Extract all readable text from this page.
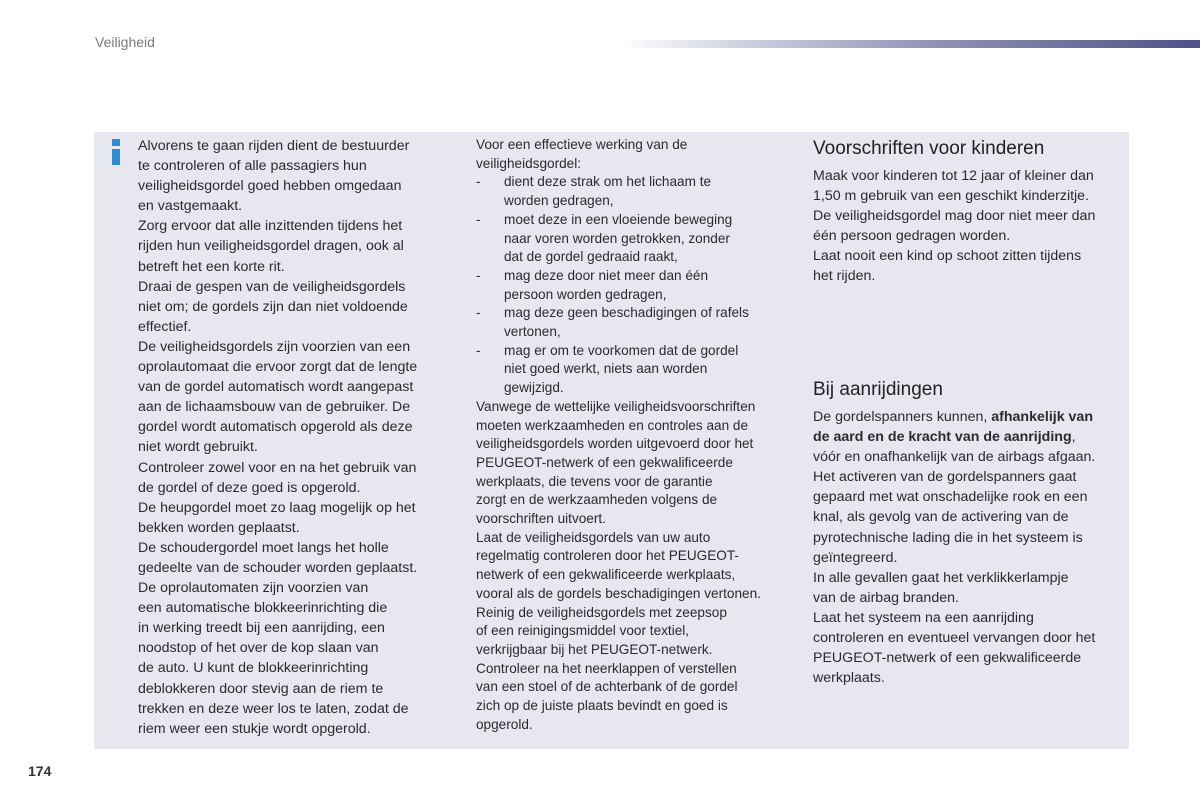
Veiligheid
Alvorens te gaan rijden dient de bestuurder
te controleren of alle passagiers hun
veiligheidsgordel goed hebben omgedaan
en vastgemaakt.
Zorg ervoor dat alle inzittenden tijdens het
rijden hun veiligheidsgordel dragen, ook al
betreft het een korte rit.
Draai de gespen van de veiligheidsgordels
niet om; de gordels zijn dan niet voldoende
effectief.
De veiligheidsgordels zijn voorzien van een
oprolautomaat die ervoor zorgt dat de lengte
van de gordel automatisch wordt aangepast
aan de lichaamsbouw van de gebruiker. De
gordel wordt automatisch opgerold als deze
niet wordt gebruikt.
Controleer zowel voor en na het gebruik van
de gordel of deze goed is opgerold.
De heupgordel moet zo laag mogelijk op het
bekken worden geplaatst.
De schoudergordel moet langs het holle
gedeelte van de schouder worden geplaatst.
De oprolautomaten zijn voorzien van
een automatische blokkeerinrichting die
in werking treedt bij een aanrijding, een
noodstop of het over de kop slaan van
de auto. U kunt de blokkeerinrichting
deblokkeren door stevig aan de riem te
trekken en deze weer los te laten, zodat de
riem weer een stukje wordt opgerold.
Voor een effectieve werking van de
veiligheidsgordel:
- dient deze strak om het lichaam te
worden gedragen,
- moet deze in een vloeiende beweging
naar voren worden getrokken, zonder
dat de gordel gedraaid raakt,
- mag deze door niet meer dan één
persoon worden gedragen,
- mag deze geen beschadigingen of rafels
vertonen,
- mag er om te voorkomen dat de gordel
niet goed werkt, niets aan worden
gewijzigd.
Vanwege de wettelijke veiligheidsvoorschriften
moeten werkzaamheden en controles aan de
veiligheidsgordels worden uitgevoerd door het
PEUGEOT-netwerk of een gekwalificeerde
werkplaats, die tevens voor de garantie
zorgt en de werkzaamheden volgens de
voorschriften uitvoert.
Laat de veiligheidsgordels van uw auto
regelmatig controleren door het PEUGEOT-
netwerk of een gekwalificeerde werkplaats,
vooral als de gordels beschadigingen vertonen.
Reinig de veiligheidsgordels met zeepsop
of een reinigingsmiddel voor textiel,
verkrijgbaar bij het PEUGEOT-netwerk.
Controleer na het neerklappen of verstellen
van een stoel of de achterbank of de gordel
zich op de juiste plaats bevindt en goed is
opgerold.
Voorschriften voor kinderen
Maak voor kinderen tot 12 jaar of kleiner dan
1,50 m gebruik van een geschikt kinderzitje.
De veiligheidsgordel mag door niet meer dan
één persoon gedragen worden.
Laat nooit een kind op schoot zitten tijdens
het rijden.
Bij aanrijdingen
De gordelspanners kunnen, afhankelijk van
de aard en de kracht van de aanrijding,
vóór en onafhankelijk van de airbags afgaan.
Het activeren van de gordelspanners gaat
gepaard met wat onschadelijke rook en een
knal, als gevolg van de activering van de
pyrotechnische lading die in het systeem is
geïntegreerd.
In alle gevallen gaat het verklikkerlampje
van de airbag branden.
Laat het systeem na een aanrijding
controleren en eventueel vervangen door het
PEUGEOT-netwerk of een gekwalificeerde
werkplaats.
174
